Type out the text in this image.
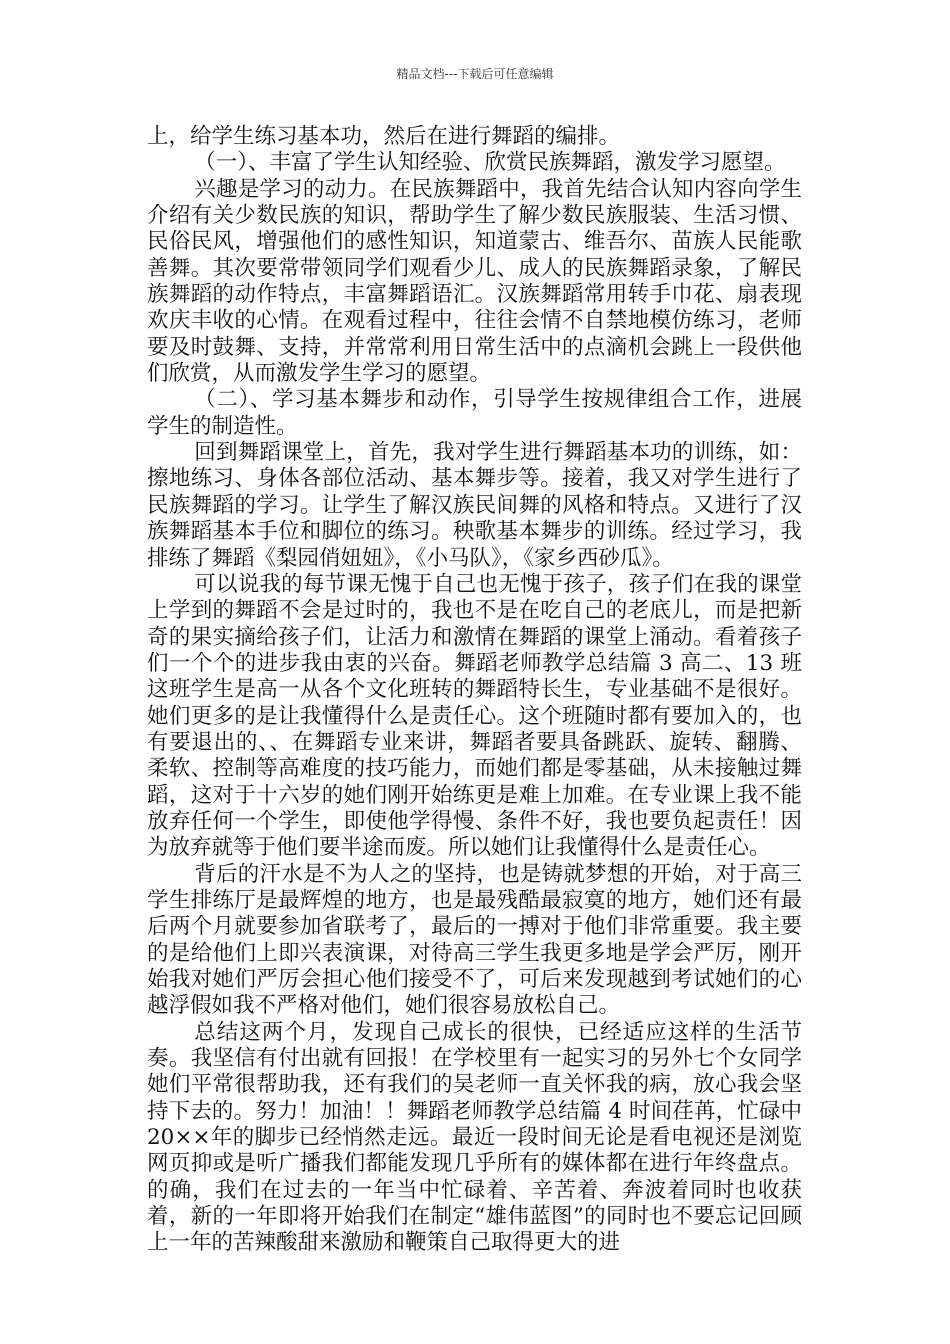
精品文档---下载后可任意编辑

上，给学生练习基本功，然后在进行舞蹈的编排。

（一）、丰富了学生认知经验、欣赏民族舞蹈，激发学习愿望。

兴趣是学习的动力。在民族舞蹈中，我首先结合认知内容向学生介绍有关少数民族的知识，帮助学生了解少数民族服装、生活习惯、民俗民风，增强他们的感性知识，知道蒙古、维吾尔、苗族人民能歌善舞。其次要常带领同学们观看少儿、成人的民族舞蹈录象，了解民族舞蹈的动作特点，丰富舞蹈语汇。汉族舞蹈常用转手巾花、扇表现欢庆丰收的心情。在观看过程中，往往会情不自禁地模仿练习，老师要及时鼓舞、支持，并常常利用日常生活中的点滴机会跳上一段供他们欣赏，从而激发学生学习的愿望。

（二）、学习基本舞步和动作，引导学生按规律组合工作，进展学生的制造性。

回到舞蹈课堂上，首先，我对学生进行舞蹈基本功的训练，如：擦地练习、身体各部位活动、基本舞步等。接着，我又对学生进行了民族舞蹈的学习。让学生了解汉族民间舞的风格和特点。又进行了汉族舞蹈基本手位和脚位的练习。秧歌基本舞步的训练。经过学习，我排练了舞蹈《梨园俏妞妞》，《小马队》，《家乡西砂瓜》。

可以说我的每节课无愧于自己也无愧于孩子，孩子们在我的课堂上学到的舞蹈不会是过时的，我也不是在吃自己的老底儿，而是把新奇的果实摘给孩子们，让活力和激情在舞蹈的课堂上涌动。看着孩子们一个个的进步我由衷的兴奋。舞蹈老师教学总结篇 3 高二、13 班这班学生是高一从各个文化班转的舞蹈特长生，专业基础不是很好。她们更多的是让我懂得什么是责任心。这个班随时都有要加入的，也有要退出的、、在舞蹈专业来讲，舞蹈者要具备跳跃、旋转、翻腾、柔软、控制等高难度的技巧能力，而她们都是零基础，从未接触过舞蹈，这对于十六岁的她们刚开始练更是难上加难。在专业课上我不能放弃任何一个学生，即使他学得慢、条件不好，我也要负起责任！因为放弃就等于他们要半途而废。所以她们让我懂得什么是责任心。

背后的汗水是不为人之的坚持，也是铸就梦想的开始，对于高三学生排练厅是最辉煌的地方，也是最残酷最寂寞的地方，她们还有最后两个月就要参加省联考了，最后的一搏对于他们非常重要。我主要的是给他们上即兴表演课，对待高三学生我更多地是学会严厉，刚开始我对她们严厉会担心他们接受不了，可后来发现越到考试她们的心越浮假如我不严格对他们，她们很容易放松自己。

总结这两个月，发现自己成长的很快，已经适应这样的生活节奏。我坚信有付出就有回报！在学校里有一起实习的另外七个女同学她们平常很帮助我，还有我们的吴老师一直关怀我的病，放心我会坚持下去的。努力！加油！！舞蹈老师教学总结篇 4 时间荏苒，忙碌中 20××年的脚步已经悄然走远。最近一段时间无论是看电视还是浏览网页抑或是听广播我们都能发现几乎所有的媒体都在进行年终盘点。的确，我们在过去的一年当中忙碌着、辛苦着、奔波着同时也收获着，新的一年即将开始我们在制定“雄伟蓝图”的同时也不要忘记回顾上一年的苦辣酸甜来激励和鞭策自己取得更大的进
